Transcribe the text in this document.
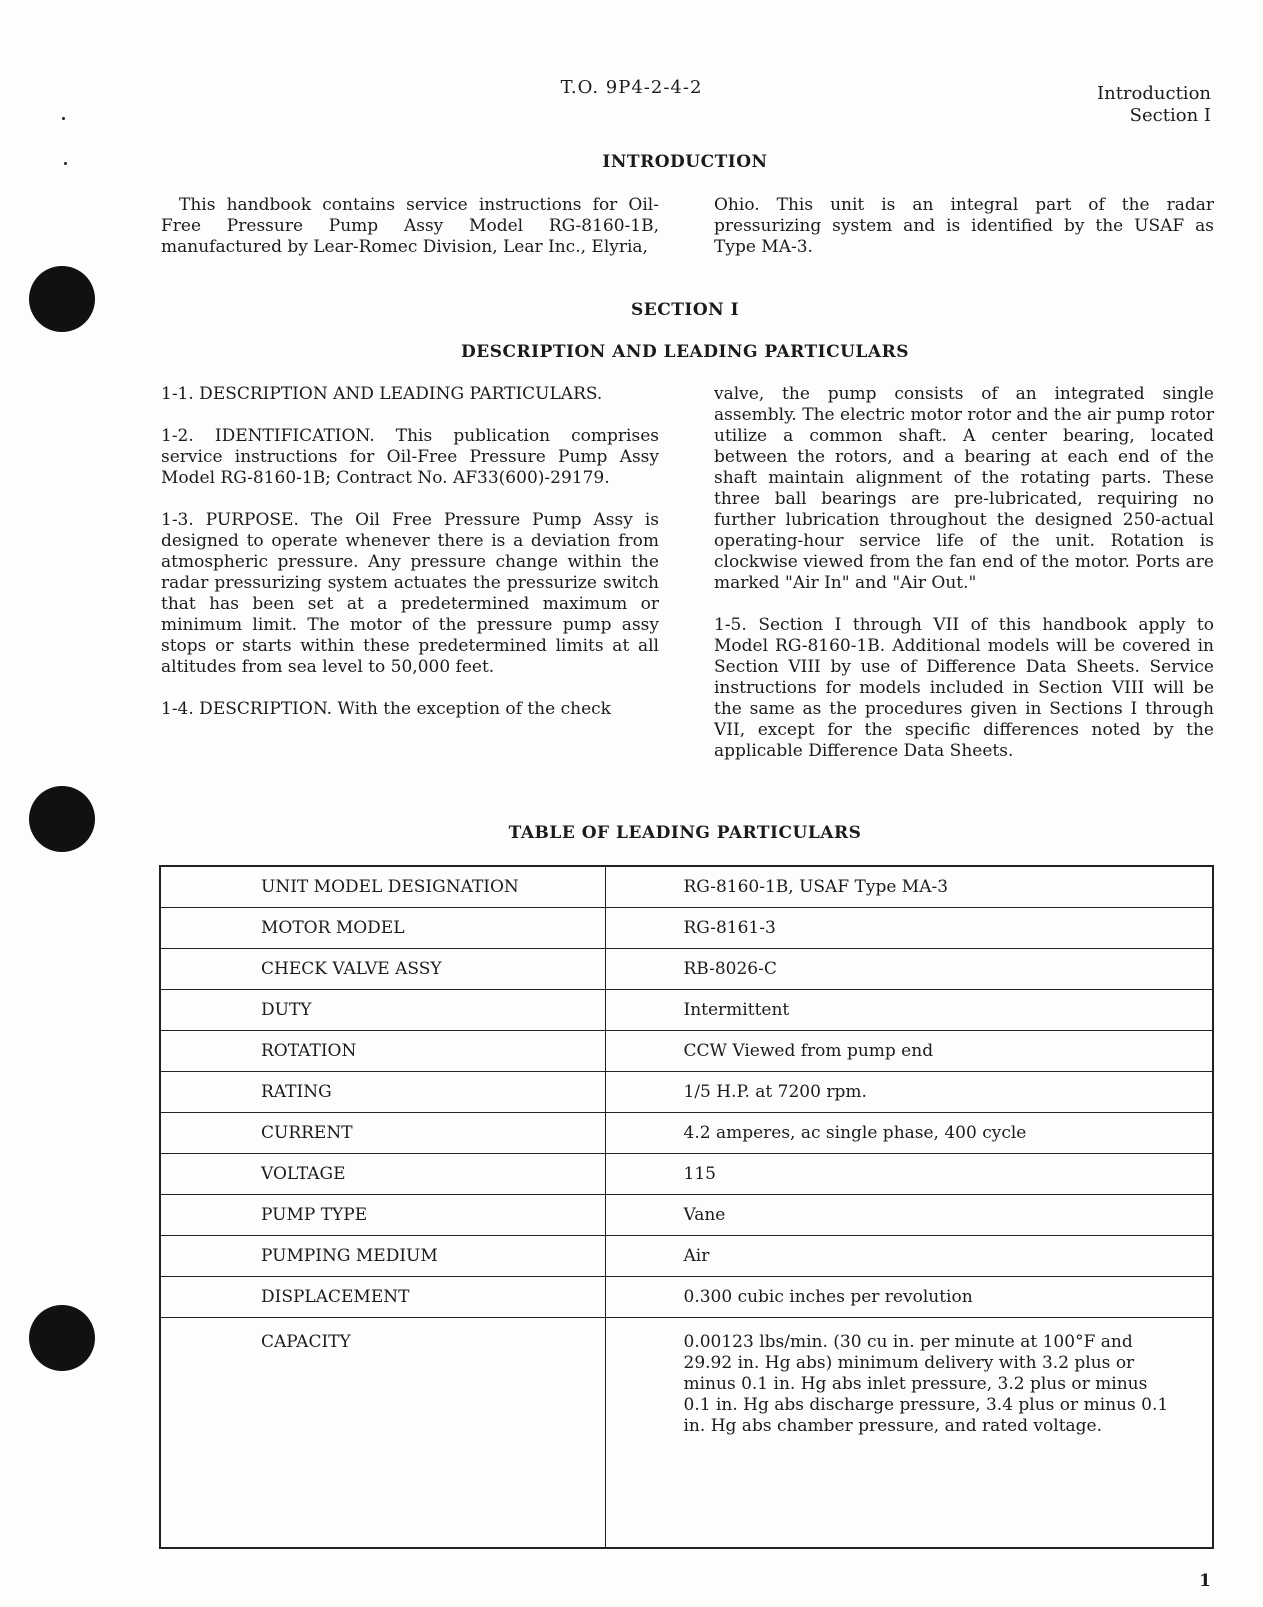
T.O. 9P4-2-4-2	Introduction
Section I
INTRODUCTION

This handbook contains service instructions for Oil-Free Pressure Pump Assy Model RG-8160-1B, manufactured by Lear-Romec Division, Lear Inc., Elyria,

Ohio. This unit is an integral part of the radar pressurizing system and is identified by the USAF as Type MA-3.

SECTION I
DESCRIPTION AND LEADING PARTICULARS

1-1. DESCRIPTION AND LEADING PARTICULARS.

1-2. IDENTIFICATION. This publication comprises service instructions for Oil-Free Pressure Pump Assy Model RG-8160-1B; Contract No. AF33(600)-29179.

1-3. PURPOSE. The Oil Free Pressure Pump Assy is designed to operate whenever there is a deviation from atmospheric pressure. Any pressure change within the radar pressurizing system actuates the pressurize switch that has been set at a predetermined maximum or minimum limit. The motor of the pressure pump assy stops or starts within these predetermined limits at all altitudes from sea level to 50,000 feet.

1-4. DESCRIPTION. With the exception of the check

valve, the pump consists of an integrated single assembly. The electric motor rotor and the air pump rotor utilize a common shaft. A center bearing, located between the rotors, and a bearing at each end of the shaft maintain alignment of the rotating parts. These three ball bearings are pre-lubricated, requiring no further lubrication throughout the designed 250-actual operating-hour service life of the unit. Rotation is clockwise viewed from the fan end of the motor. Ports are marked "Air In" and "Air Out."

1-5. Section I through VII of this handbook apply to Model RG-8160-1B. Additional models will be covered in Section VIII by use of Difference Data Sheets. Service instructions for models included in Section VIII will be the same as the procedures given in Sections I through VII, except for the specific differences noted by the applicable Difference Data Sheets.

TABLE OF LEADING PARTICULARS
UNIT MODEL DESIGNATION	RG-8160-1B, USAF Type MA-3
MOTOR MODEL	RG-8161-3
CHECK VALVE ASSY	RB-8026-C
DUTY	Intermittent
ROTATION	CCW Viewed from pump end
RATING	1/5 H.P. at 7200 rpm.
CURRENT	4.2 amperes, ac single phase, 400 cycle
VOLTAGE	115
PUMP TYPE	Vane
PUMPING MEDIUM	Air
DISPLACEMENT	0.300 cubic inches per revolution
CAPACITY	0.00123 lbs/min. (30 cu in. per minute at 100°F and 29.92 in. Hg abs) minimum delivery with 3.2 plus or minus 0.1 in. Hg abs inlet pressure, 3.2 plus or minus 0.1 in. Hg abs discharge pressure, 3.4 plus or minus 0.1 in. Hg abs chamber pressure, and rated voltage.
1
